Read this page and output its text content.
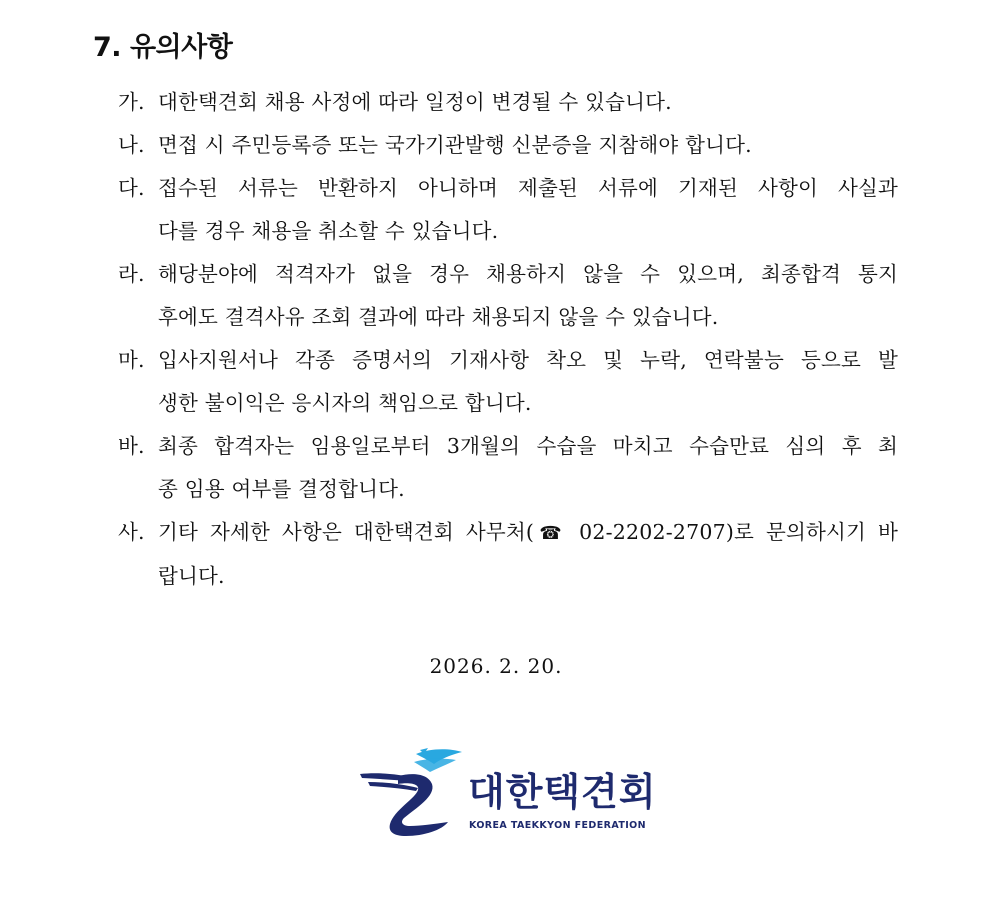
7. 유의사항
가. 대한택견회 채용 사정에 따라 일정이 변경될 수 있습니다.
나. 면접 시 주민등록증 또는 국가기관발행 신분증을 지참해야 합니다.
다. 접수된 서류는 반환하지 아니하며 제출된 서류에 기재된 사항이 사실과
다를 경우 채용을 취소할 수 있습니다.
라. 해당분야에 적격자가 없을 경우 채용하지 않을 수 있으며, 최종합격 통지
후에도 결격사유 조회 결과에 따라 채용되지 않을 수 있습니다.
마. 입사지원서나 각종 증명서의 기재사항 착오 및 누락, 연락불능 등으로 발
생한 불이익은 응시자의 책임으로 합니다.
바. 최종 합격자는 임용일로부터 3개월의 수습을 마치고 수습만료 심의 후 최
종 임용 여부를 결정합니다.
사. 기타 자세한 사항은 대한택견회 사무처(☎ 02-2202-2707)로 문의하시기 바
랍니다.

2026. 2. 20.

대한택견회
KOREA TAEKKYON FEDERATION
